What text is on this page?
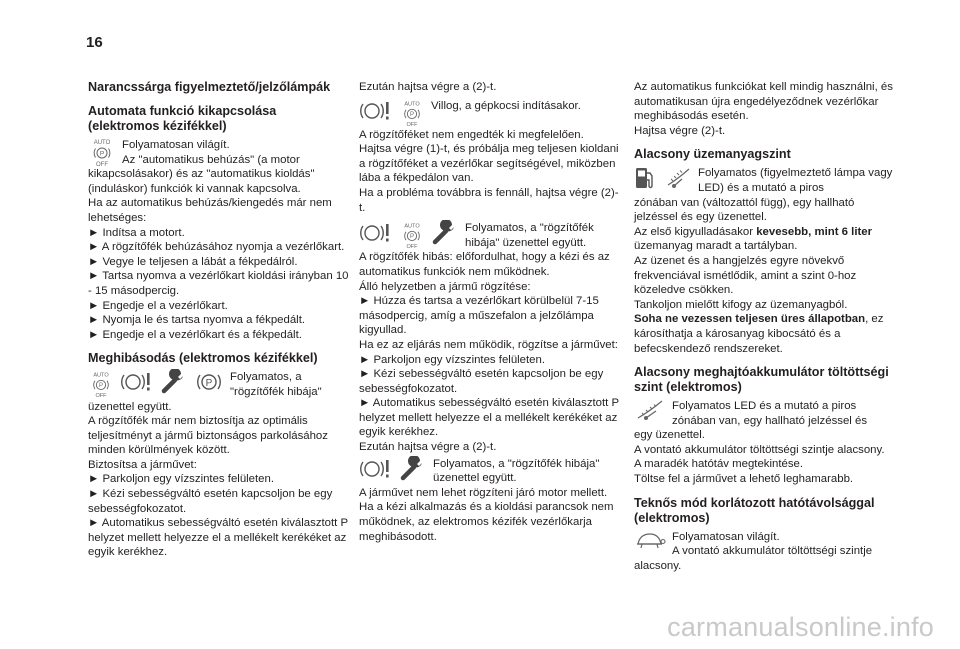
16

Narancssárga figyelmeztető/jelzőlámpák

Automata funkció kikapcsolása (elektromos kézifékkel)

AUTO
P
OFF

Folyamatosan világít.

Az "automatikus behúzás" (a motor

kikapcsolásakor) és az "automatikus kioldás" (induláskor) funkciók ki vannak kapcsolva.

Ha az automatikus behúzás/kiengedés már nem lehetséges:

► Indítsa a motort.

► A rögzítőfék behúzásához nyomja a vezérlőkart.

► Vegye le teljesen a lábát a fékpedálról.

► Tartsa nyomva a vezérlőkart kioldási irányban 10 - 15 másodpercig.

► Engedje el a vezérlőkart.

► Nyomja le és tartsa nyomva a fékpedált.

► Engedje el a vezérlőkart és a fékpedált.

Meghibásodás (elektromos kézifékkel)

AUTO
P
OFF
P

Folyamatos, a "rögzítőfék hibája"

üzenettel együtt.

A rögzítőfék már nem biztosítja az optimális teljesítményt a jármű biztonságos parkolásához minden körülmények között.

Biztosítsa a járművet:

► Parkoljon egy vízszintes felületen.

► Kézi sebességváltó esetén kapcsoljon be egy sebességfokozatot.

► Automatikus sebességváltó esetén kiválasztott P helyzet mellett helyezze el a mellékelt kerékéket az egyik kerékhez.

Ezután hajtsa végre a (2)-t.

AUTO
P
OFF

Villog, a gépkocsi indításakor.

A rögzítőféket nem engedték ki megfelelően.

Hajtsa végre (1)-t, és próbálja meg teljesen kioldani a rögzítőféket a vezérlőkar segítségével, miközben lába a fékpedálon van.

Ha a probléma továbbra is fennáll, hajtsa végre (2)-t.

AUTO
P
OFF

Folyamatos, a "rögzítőfék hibája" üzenettel együtt.

A rögzítőfék hibás: előfordulhat, hogy a kézi és az automatikus funkciók nem működnek.

Álló helyzetben a jármű rögzítése:

► Húzza és tartsa a vezérlőkart körülbelül 7-15 másodpercig, amíg a műszefalon a jelzőlámpa kigyullad.

Ha ez az eljárás nem működik, rögzítse a járművet:

► Parkoljon egy vízszintes felületen.

► Kézi sebességváltó esetén kapcsoljon be egy sebességfokozatot.

► Automatikus sebességváltó esetén kiválasztott P helyzet mellett helyezze el a mellékelt kerékéket az egyik kerékhez.

Ezután hajtsa végre a (2)-t.

Folyamatos, a "rögzítőfék hibája" üzenettel együtt.

A járművet nem lehet rögzíteni járó motor mellett.

Ha a kézi alkalmazás és a kioldási parancsok nem működnek, az elektromos kézifék vezérlőkarja meghibásodott.

Az automatikus funkciókat kell mindig használni, és automatikusan újra engedélyeződnek vezérlőkar meghibásodás esetén.

Hajtsa végre (2)-t.

Alacsony üzemanyagszint

Folyamatos (figyelmeztető lámpa vagy LED) és a mutató a piros

zónában van (változattól függ), egy hallható jelzéssel és egy üzenettel.

Az első kigyulladásakor kevesebb, mint 6 liter üzemanyag maradt a tartályban.

Az üzenet és a hangjelzés egyre növekvő frekvenciával ismétlődik, amint a szint 0-hoz közeledve csökken.

Tankoljon mielőtt kifogy az üzemanyagból.

Soha ne vezessen teljesen üres állapotban, ez károsíthatja a károsanyag kibocsátó és a befecskendező rendszereket.

Alacsony meghajtóakkumulátor töltöttségi szint (elektromos)

Folyamatos LED és a mutató a piros zónában van, egy hallható jelzéssel és

egy üzenettel.

A vontató akkumulátor töltöttségi szintje alacsony.

A maradék hatótáv megtekintése.

Töltse fel a járművet a lehető leghamarabb.

Teknős mód korlátozott hatótávolsággal (elektromos)

Folyamatosan világít.

A vontató akkumulátor töltöttségi szintje

alacsony.

carmanualsonline.info
